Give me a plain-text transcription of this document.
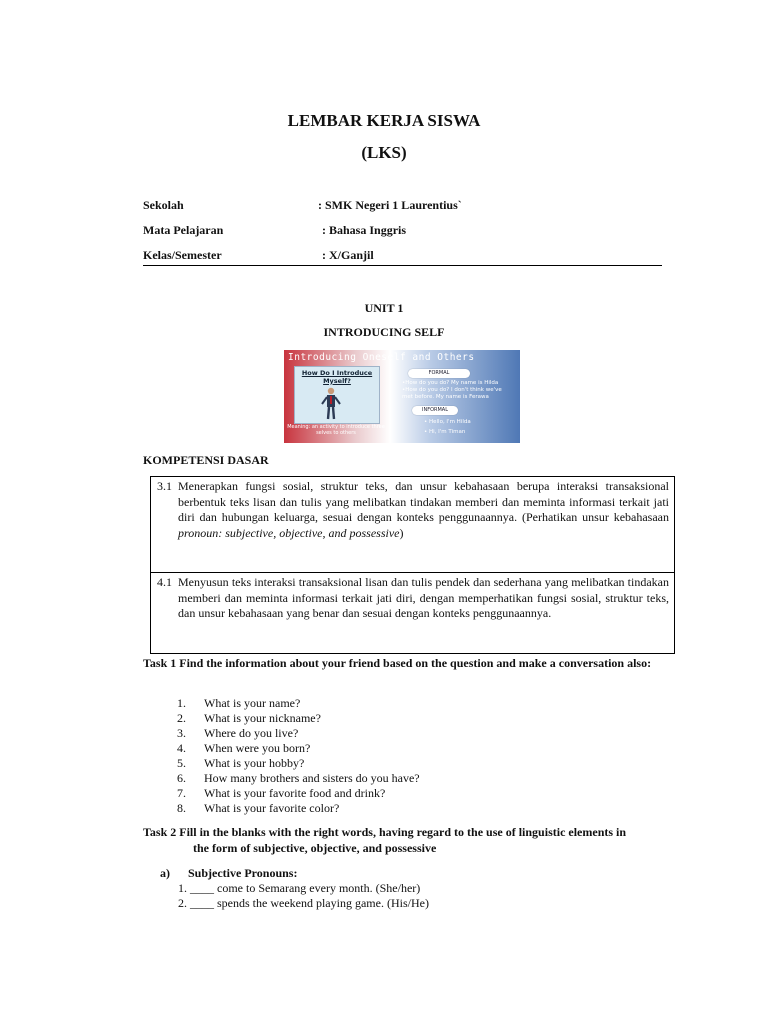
LEMBAR KERJA SISWA
(LKS)
Sekolah	: SMK Negeri 1 Laurentius`
Mata Pelajaran	: Bahasa Inggris
Kelas/Semester	: X/Ganjil
UNIT 1
INTRODUCING SELF
Introducing Oneself and Others
How Do I Introduce Myself?
Meaning: an activity to introduce three selves to others
FORMAL
•How do you do? My name is Hilda •How do you do? I don't think we've met before. My name is Ferawa
INFORMAL
• Hello, I'm Hilda
• Hi, I'm Timan
KOMPETENSI DASAR
3.1 Menerapkan fungsi sosial, struktur teks, dan unsur kebahasaan berupa interaksi transaksional berbentuk teks lisan dan tulis yang melibatkan tindakan memberi dan meminta informasi terkait jati diri dan hubungan keluarga, sesuai dengan konteks penggunaannya. (Perhatikan unsur kebahasaan pronoun: subjective, objective, and possessive)
4.1 Menyusun teks interaksi transaksional lisan dan tulis pendek dan sederhana yang melibatkan tindakan memberi dan meminta informasi terkait jati diri, dengan memperhatikan fungsi sosial, struktur teks, dan unsur kebahasaan yang benar dan sesuai dengan konteks penggunaannya.
Task 1 Find the information about your friend based on the question and make a conversation also:
1.	What is your name?
2.	What is your nickname?
3.	Where do you live?
4.	When were you born?
5.	What is your hobby?
6.	How many brothers and sisters do you have?
7.	What is your favorite food and drink?
8.	What is your favorite color?
Task 2 Fill in the blanks with the right words, having regard to the use of linguistic elements in
the form of subjective, objective, and possessive
a) Subjective Pronouns:
1. ____ come to Semarang every month. (She/her)
2. ____ spends the weekend playing game. (His/He)
